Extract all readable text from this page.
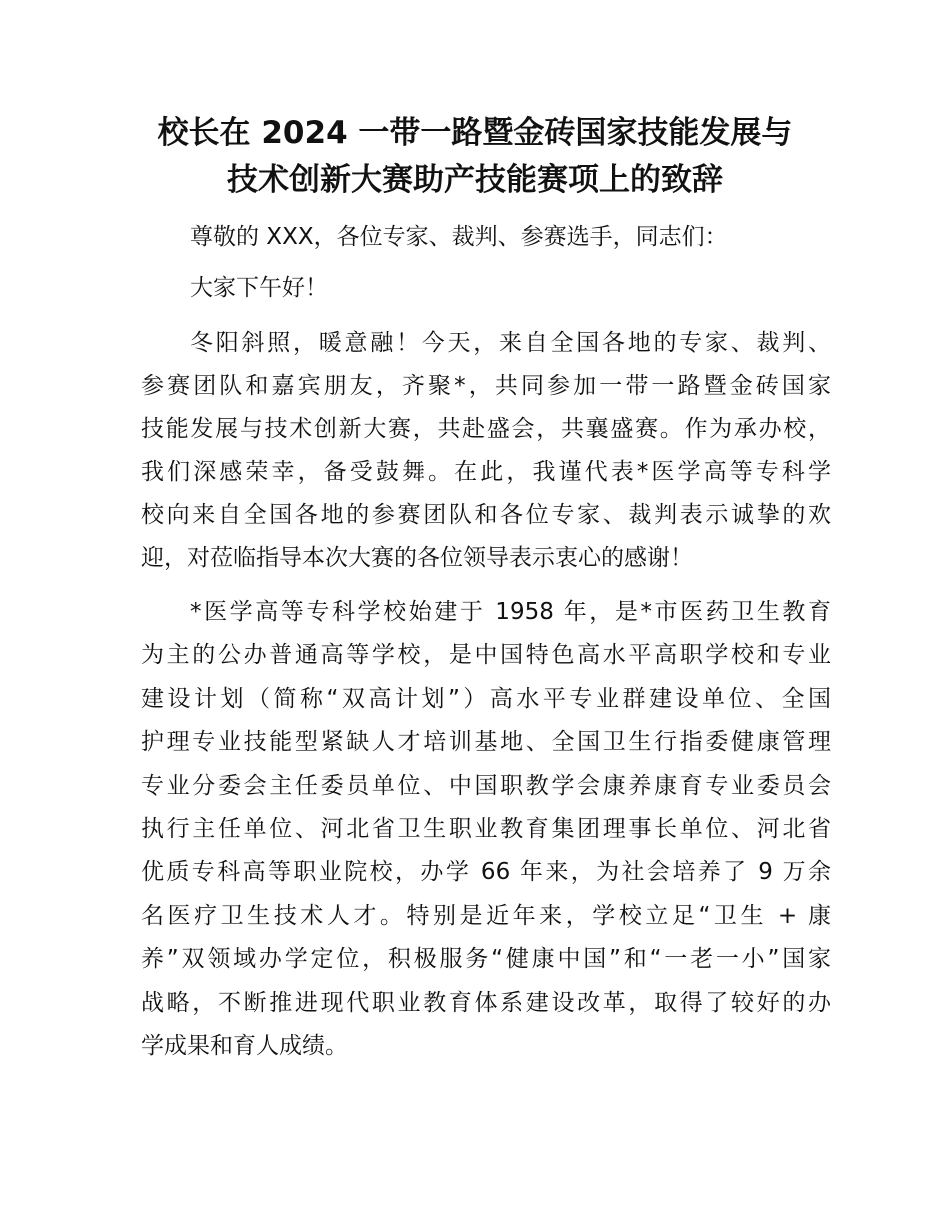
校长在 2024 一带一路暨金砖国家技能发展与
技术创新大赛助产技能赛项上的致辞
尊敬的 XXX，各位专家、裁判、参赛选手，同志们：
大家下午好！
冬阳斜照，暖意融！今天，来自全国各地的专家、裁判、
参赛团队和嘉宾朋友，齐聚*，共同参加一带一路暨金砖国家
技能发展与技术创新大赛，共赴盛会，共襄盛赛。作为承办校，
我们深感荣幸，备受鼓舞。在此，我谨代表*医学高等专科学
校向来自全国各地的参赛团队和各位专家、裁判表示诚挚的欢
迎，对莅临指导本次大赛的各位领导表示衷心的感谢！
*医学高等专科学校始建于 1958 年，是*市医药卫生教育
为主的公办普通高等学校，是中国特色高水平高职学校和专业
建设计划（简称“双高计划”）高水平专业群建设单位、全国
护理专业技能型紧缺人才培训基地、全国卫生行指委健康管理
专业分委会主任委员单位、中国职教学会康养康育专业委员会
执行主任单位、河北省卫生职业教育集团理事长单位、河北省
优质专科高等职业院校，办学 66 年来，为社会培养了 9 万余
名医疗卫生技术人才。特别是近年来，学校立足“卫生 + 康
养”双领域办学定位，积极服务“健康中国”和“一老一小”国家
战略，不断推进现代职业教育体系建设改革，取得了较好的办
学成果和育人成绩。
